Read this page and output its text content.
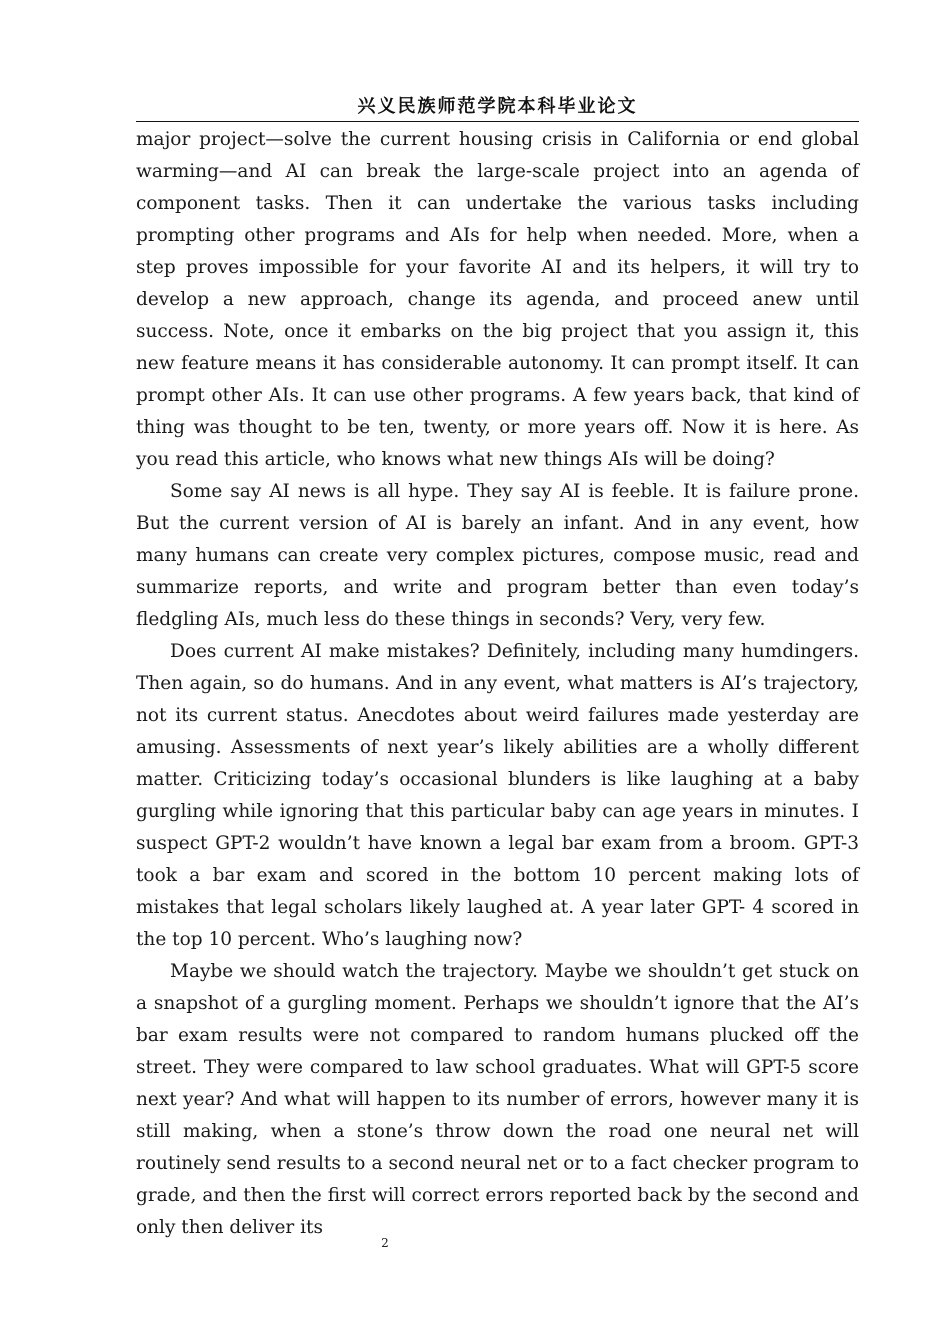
兴义民族师范学院本科毕业论文

major project—solve the current housing crisis in California or end global warming—and AI can break the large-scale project into an agenda of component tasks. Then it can undertake the various tasks including prompting other programs and AIs for help when needed. More, when a step proves impossible for your favorite AI and its helpers, it will try to develop a new approach, change its agenda, and proceed anew until success. Note, once it embarks on the big project that you assign it, this new feature means it has considerable autonomy. It can prompt itself. It can prompt other AIs. It can use other programs. A few years back, that kind of thing was thought to be ten, twenty, or more years off. Now it is here. As you read this article, who knows what new things AIs will be doing?

Some say AI news is all hype. They say AI is feeble. It is failure prone. But the current version of AI is barely an infant. And in any event, how many humans can create very complex pictures, compose music, read and summarize reports, and write and program better than even today’s fledgling AIs, much less do these things in seconds? Very, very few.

Does current AI make mistakes? Definitely, including many humdingers. Then again, so do humans. And in any event, what matters is AI’s trajectory, not its current status. Anecdotes about weird failures made yesterday are amusing. Assessments of next year’s likely abilities are a wholly different matter. Criticizing today’s occasional blunders is like laughing at a baby gurgling while ignoring that this particular baby can age years in minutes. I suspect GPT-2 wouldn’t have known a legal bar exam from a broom. GPT-3 took a bar exam and scored in the bottom 10 percent making lots of mistakes that legal scholars likely laughed at. A year later GPT- 4 scored in the top 10 percent. Who’s laughing now?

Maybe we should watch the trajectory. Maybe we shouldn’t get stuck on a snapshot of a gurgling moment. Perhaps we shouldn’t ignore that the AI’s bar exam results were not compared to random humans plucked off the street. They were compared to law school graduates. What will GPT-5 score next year? And what will happen to its number of errors, however many it is still making, when a stone’s throw down the road one neural net will routinely send results to a second neural net or to a fact checker program to grade, and then the first will correct errors reported back by the second and only then deliver its

2
